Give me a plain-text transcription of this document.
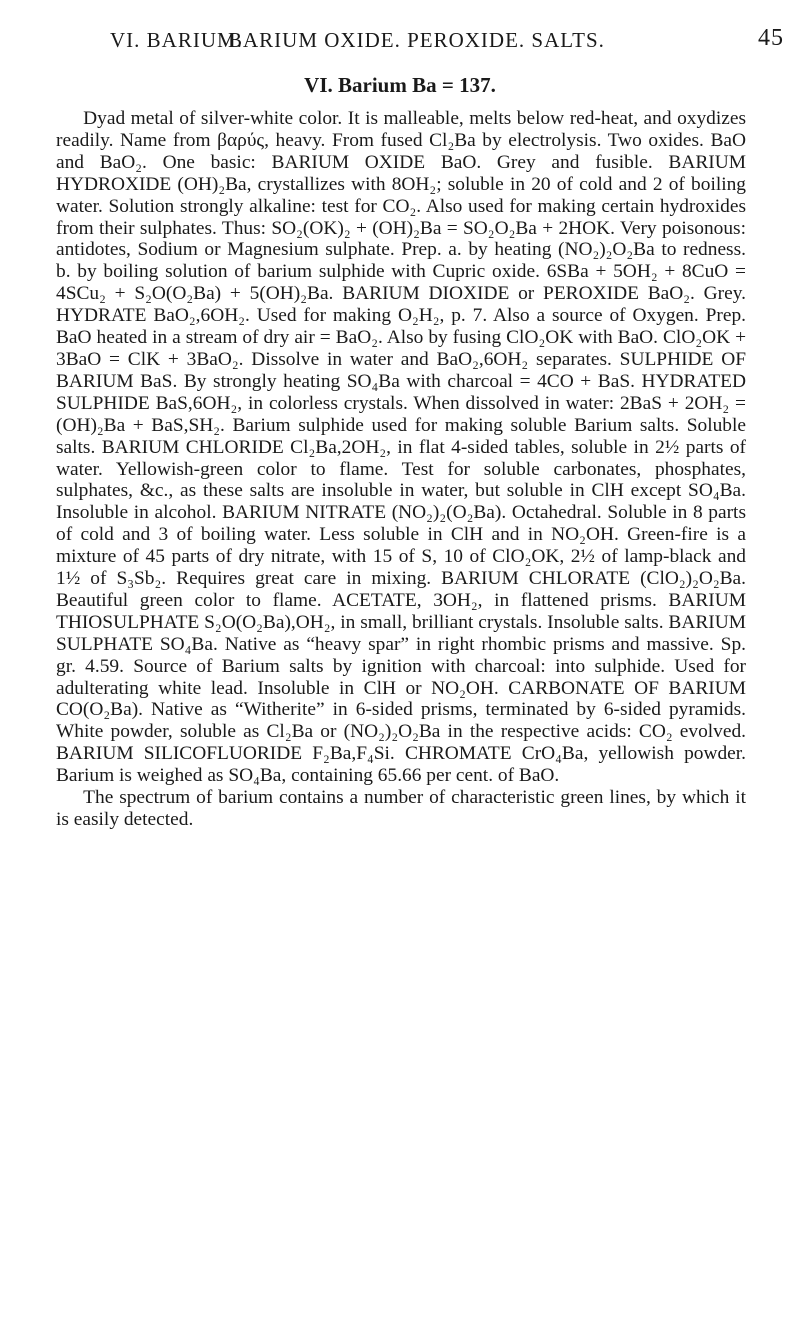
VI. BARIUM.
BARIUM OXIDE. PEROXIDE. SALTS.	45
VI. Barium Ba = 137.

Dyad metal of silver-white color. It is malleable, melts below red-heat, and oxydizes readily. Name from βαρύς, heavy. From fused Cl₂Ba by electrolysis. Two oxides. BaO and BaO₂. One basic: BARIUM OXIDE BaO. Grey and fusible. BARIUM HYDROXIDE (OH)₂Ba, crystallizes with 8OH₂; soluble in 20 of cold and 2 of boiling water. Solution strongly alkaline: test for CO₂. Also used for making certain hydroxides from their sulphates. Thus: SO₂(OK)₂ + (OH)₂Ba = SO₂O₂Ba + 2HOK. Very poisonous: antidotes, Sodium or Magnesium sulphate. Prep. a. by heating (NO₂)₂O₂Ba to redness. b. by boiling solution of barium sulphide with Cupric oxide. 6SBa + 5OH₂ + 8CuO = 4SCu₂ + S₂O(O₂Ba) + 5(OH)₂Ba. BARIUM DIOXIDE or PEROXIDE BaO₂. Grey. HYDRATE BaO₂,6OH₂. Used for making O₂H₂, p. 7. Also a source of Oxygen. Prep. BaO heated in a stream of dry air = BaO₂. Also by fusing ClO₂OK with BaO. ClO₂OK + 3BaO = ClK + 3BaO₂. Dissolve in water and BaO₂,6OH₂ separates. SULPHIDE OF BARIUM BaS. By strongly heating SO₄Ba with charcoal = 4CO + BaS. HYDRATED SULPHIDE BaS,6OH₂, in colorless crystals. When dissolved in water: 2BaS + 2OH₂ = (OH)₂Ba + BaS,SH₂. Barium sulphide used for making soluble Barium salts. Soluble salts. BARIUM CHLORIDE Cl₂Ba,2OH₂, in flat 4-sided tables, soluble in 2½ parts of water. Yellowish-green color to flame. Test for soluble carbonates, phosphates, sulphates, &c., as these salts are insoluble in water, but soluble in ClH except SO₄Ba. Insoluble in alcohol. BARIUM NITRATE (NO₂)₂(O₂Ba). Octahedral. Soluble in 8 parts of cold and 3 of boiling water. Less soluble in ClH and in NO₂OH. Green-fire is a mixture of 45 parts of dry nitrate, with 15 of S, 10 of ClO₂OK, 2½ of lamp-black and 1½ of S₃Sb₂. Requires great care in mixing. BARIUM CHLORATE (ClO₂)₂O₂Ba. Beautiful green color to flame. ACETATE, 3OH₂, in flattened prisms. BARIUM THIOSULPHATE S₂O(O₂Ba),OH₂, in small, brilliant crystals. Insoluble salts. BARIUM SULPHATE SO₄Ba. Native as “heavy spar” in right rhombic prisms and massive. Sp. gr. 4.59. Source of Barium salts by ignition with charcoal: into sulphide. Used for adulterating white lead. Insoluble in ClH or NO₂OH. CARBONATE OF BARIUM CO(O₂Ba). Native as “Witherite” in 6-sided prisms, terminated by 6-sided pyramids. White powder, soluble as Cl₂Ba or (NO₂)₂O₂Ba in the respective acids: CO₂ evolved. BARIUM SILICOFLUORIDE F₂Ba,F₄Si. CHROMATE CrO₄Ba, yellowish powder. Barium is weighed as SO₄Ba, containing 65.66 per cent. of BaO.

The spectrum of barium contains a number of characteristic green lines, by which it is easily detected.
